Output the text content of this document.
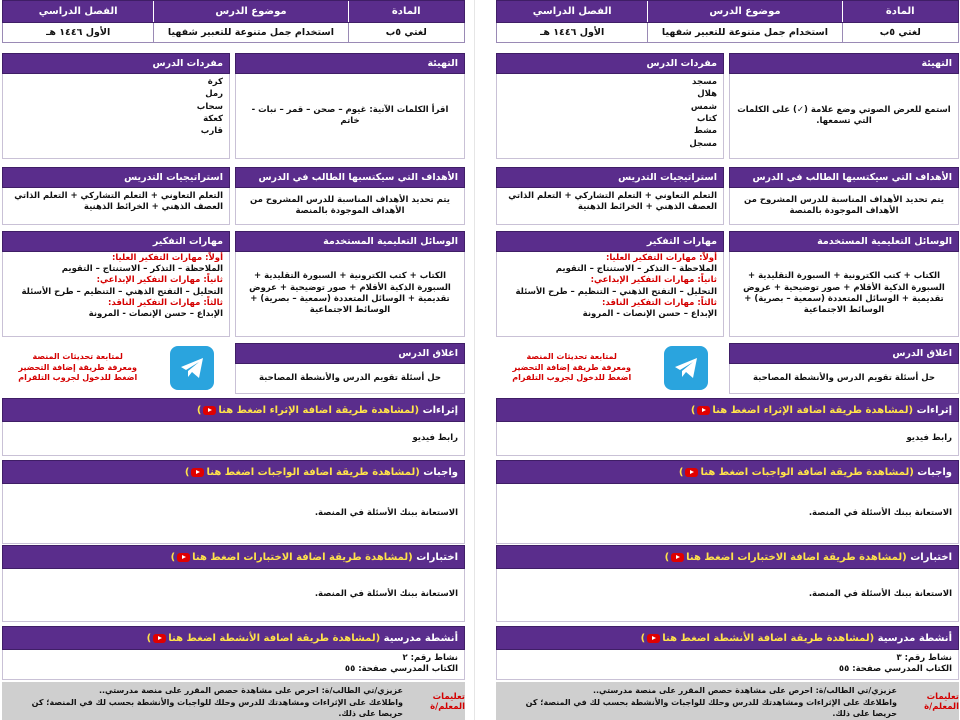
المادة
موضوع الدرس
الفصل الدراسي
لغتي ٥ب
استخدام جمل متنوعة للتعبير شفهيا
الأول ١٤٤٦ هـ
التهيئة
استمع للعرض الصوتي وضع علامة (✓) على الكلمات التي تسمعها.
مفردات الدرس
مسجد
هلال
شمس
كتاب
مشط
مسجل
الأهداف التي سيكتسبها الطالب في الدرس
يتم تحديد الأهداف المناسبة للدرس المشروح من الأهداف الموجودة بالمنصة
استراتيجيات التدريس
التعلم التعاوني + التعلم التشاركي + التعلم الذاتي
العصف الذهني + الخرائط الذهنية
الوسائل التعليمية المستخدمة
الكتاب + كتب الكترونية + السبورة التقليدية + السبورة الذكية الأقلام + صور توضيحية + عروض تقديمية + الوسائل المتعددة (سمعية – بصرية) + الوسائط الاجتماعية
مهارات التفكير
أولاً: مهارات التفكير العليا:
الملاحظة – التذكر – الاستنتاج – التقويم
ثانياً: مهارات التفكير الإبداعي:
التحليل – التفتح الذهني – التنظيم – طرح الأسئلة
ثالثاً: مهارات التفكير الناقد:
الإبداع – حسن الإنصات - المرونة
اغلاق الدرس
حل أسئلة تقويم الدرس والأنشطة المصاحبة
لمتابعة تحديثات المنصة
ومعرفة طريقة إضافة التحضير
اضغط للدخول لجروب التلقرام
إثراءات

(لمشاهدة طريقة اضافة الإثراء اضغط هنا
)
رابط فيديو
واجبات

(لمشاهدة طريقة اضافة الواجبات اضغط هنا
)
الاستعانة ببنك الأسئلة في المنصة.
اختبارات

(لمشاهدة طريقة اضافة الاختبارات اضغط هنا
)
الاستعانة ببنك الأسئلة في المنصة.
أنشطة مدرسية

(لمشاهدة طريقة اضافة الأنشطة اضغط هنا
)
نشاط رقم: ٣
الكتاب المدرسي صفحة: ٥٥
تعليمات المعلم/ة
عزيزي/تي الطالب/ة: احرص على مشاهدة حصص المقرر على منصة مدرستي..
واطلاعك على الإثراءات ومشاهدتك للدرس وحلك للواجبات والأنشطة بحسب لك في المنصة؛ كن حريصا على ذلك.
المادة
موضوع الدرس
الفصل الدراسي
لغتي ٥ب
استخدام جمل متنوعة للتعبير شفهيا
الأول ١٤٤٦ هـ
التهيئة
اقرأ الكلمات الآتية: غيوم – صحن – قمر – نبات - خاتم
مفردات الدرس
كرة
رمل
سحاب
كعكة
قارب
الأهداف التي سيكتسبها الطالب في الدرس
يتم تحديد الأهداف المناسبة للدرس المشروح من الأهداف الموجودة بالمنصة
استراتيجيات التدريس
التعلم التعاوني + التعلم التشاركي + التعلم الذاتي
العصف الذهني + الخرائط الذهنية
الوسائل التعليمية المستخدمة
الكتاب + كتب الكترونية + السبورة التقليدية + السبورة الذكية الأقلام + صور توضيحية + عروض تقديمية + الوسائل المتعددة (سمعية – بصرية) + الوسائط الاجتماعية
مهارات التفكير
أولاً: مهارات التفكير العليا:
الملاحظة – التذكر – الاستنتاج – التقويم
ثانياً: مهارات التفكير الإبداعي:
التحليل – التفتح الذهني – التنظيم – طرح الأسئلة
ثالثاً: مهارات التفكير الناقد:
الإبداع – حسن الإنصات - المرونة
اغلاق الدرس
حل أسئلة تقويم الدرس والأنشطة المصاحبة
لمتابعة تحديثات المنصة
ومعرفة طريقة إضافة التحضير
اضغط للدخول لجروب التلقرام
إثراءات

(لمشاهدة طريقة اضافة الإثراء اضغط هنا
)
رابط فيديو
واجبات

(لمشاهدة طريقة اضافة الواجبات اضغط هنا
)
الاستعانة ببنك الأسئلة في المنصة.
اختبارات

(لمشاهدة طريقة اضافة الاختبارات اضغط هنا
)
الاستعانة ببنك الأسئلة في المنصة.
أنشطة مدرسية

(لمشاهدة طريقة اضافة الأنشطة اضغط هنا
)
نشاط رقم: ٢
الكتاب المدرسي صفحة: ٥٥
تعليمات المعلم/ة
عزيزي/تي الطالب/ة: احرص على مشاهدة حصص المقرر على منصة مدرستي..
واطلاعك على الإثراءات ومشاهدتك للدرس وحلك للواجبات والأنشطة بحسب لك في المنصة؛ كن حريصا على ذلك.
